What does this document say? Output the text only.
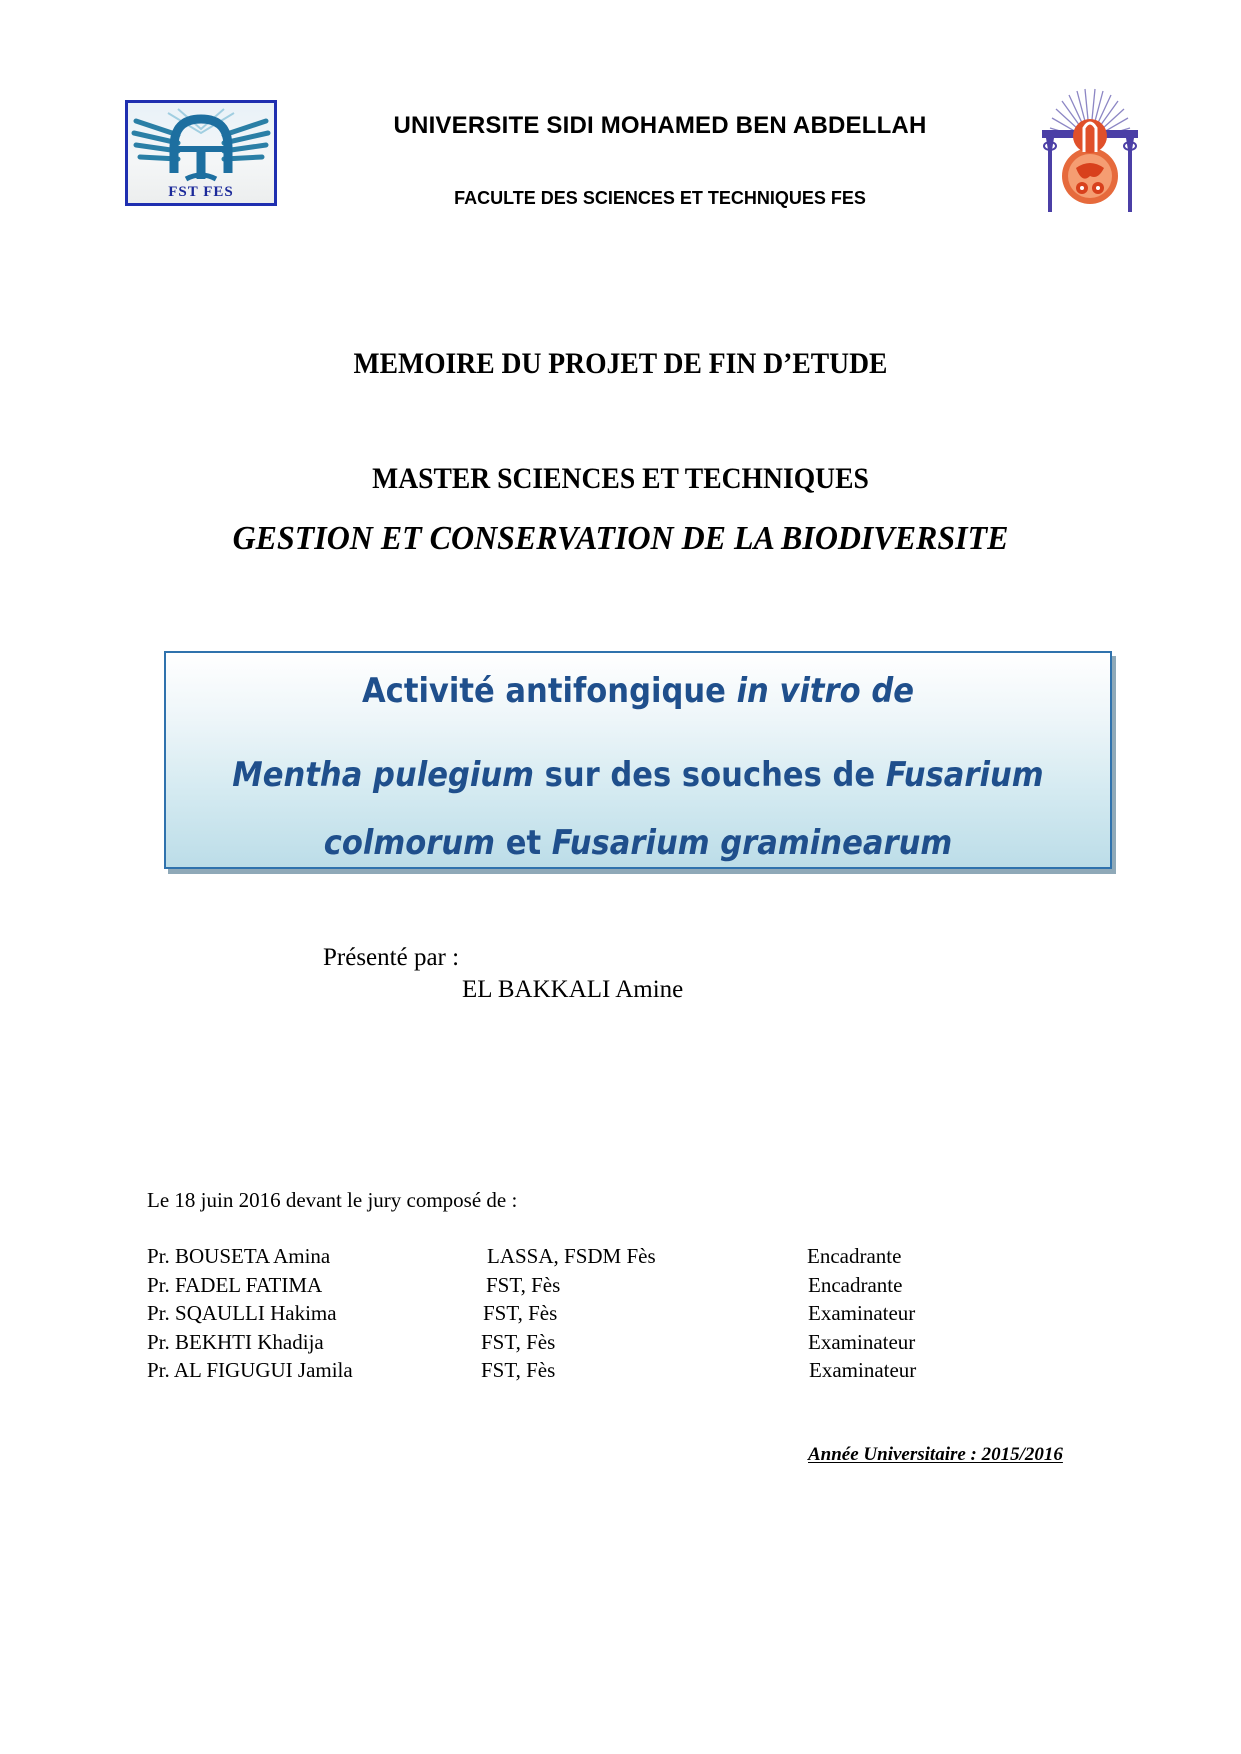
FST FES
UNIVERSITE SIDI MOHAMED BEN ABDELLAH
FACULTE DES SCIENCES ET TECHNIQUES FES
MEMOIRE DU PROJET DE FIN D’ETUDE
MASTER SCIENCES ET TECHNIQUES
GESTION ET CONSERVATION DE LA BIODIVERSITE
Activité antifongique in vitro de
Mentha pulegium sur des souches de Fusarium
colmorum et Fusarium graminearum
Présenté par :
EL BAKKALI Amine
Le 18 juin 2016 devant le jury composé de :
Pr. BOUSETA Amina	LASSA, FSDM Fès	Encadrante
Pr. FADEL FATIMA	FST, Fès	Encadrante
Pr. SQAULLI Hakima	FST, Fès	Examinateur
Pr. BEKHTI Khadija	FST, Fès	Examinateur
Pr. AL FIGUGUI Jamila	FST, Fès	Examinateur
Année Universitaire : 2015/2016
